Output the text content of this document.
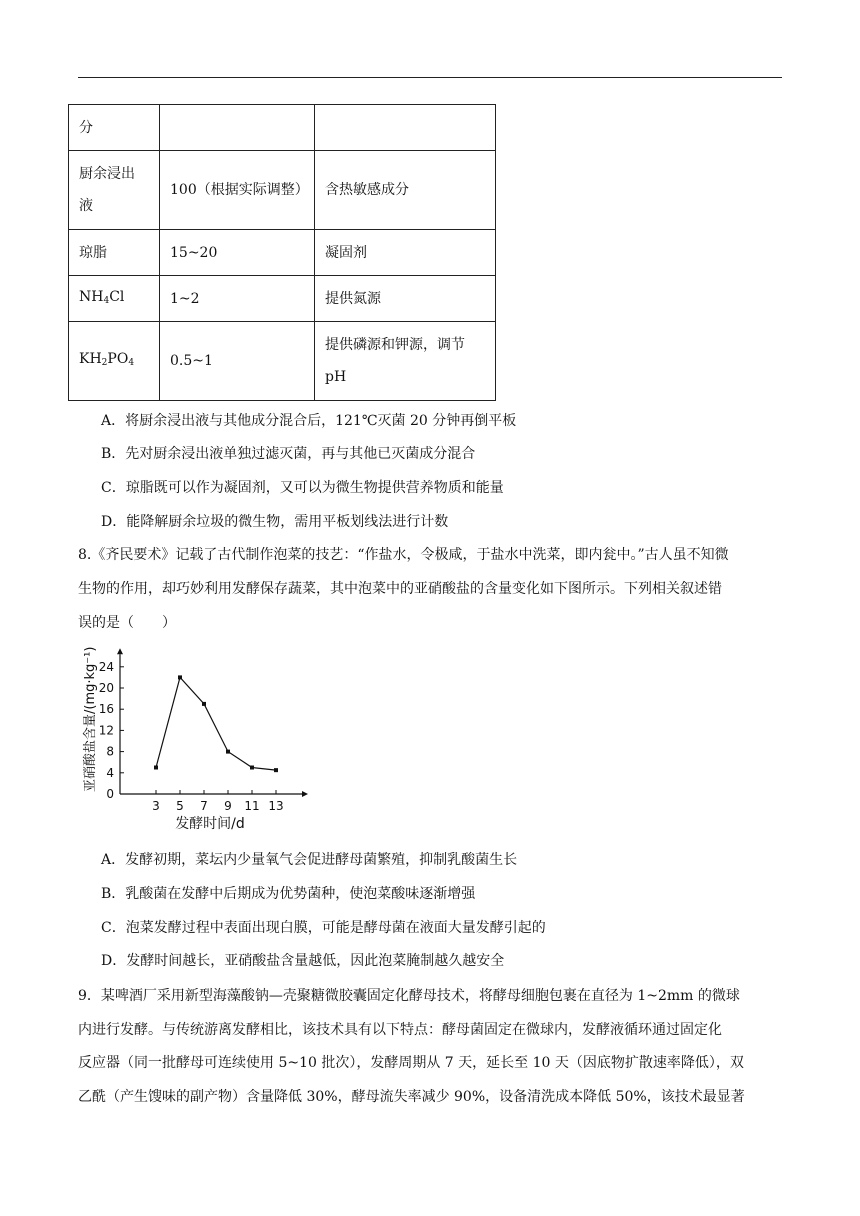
分		
厨余浸出
液	100（根据实际调整）	含热敏感成分
琼脂	15~20	凝固剂
$NH_4Cl$	1~2	提供氮源
$KH_2PO_4$	0.5~1	提供磷源和钾源，调节
pH
A．将厨余浸出液与其他成分混合后，121℃灭菌 20 分钟再倒平板
B．先对厨余浸出液单独过滤灭菌，再与其他已灭菌成分混合
C．琼脂既可以作为凝固剂，又可以为微生物提供营养物质和能量
D．能降解厨余垃圾的微生物，需用平板划线法进行计数
8.《齐民要术》记载了古代制作泡菜的技艺：“作盐水，令极咸，于盐水中洗菜，即内瓮中。”古人虽不知微
生物的作用，却巧妙利用发酵保存蔬菜，其中泡菜中的亚硝酸盐的含量变化如下图所示。下列相关叙述错
误的是（　　）
0
4
8
12
16
20
24
3 5 7 9 11 13
亚硝酸盐含量/(mg·kg⁻¹)
发酵时间/d
A．发酵初期，菜坛内少量氧气会促进酵母菌繁殖，抑制乳酸菌生长
B．乳酸菌在发酵中后期成为优势菌种，使泡菜酸味逐渐增强
C．泡菜发酵过程中表面出现白膜，可能是酵母菌在液面大量发酵引起的
D．发酵时间越长，亚硝酸盐含量越低，因此泡菜腌制越久越安全
9．某啤酒厂采用新型海藻酸钠—壳聚糖微胶囊固定化酵母技术，将酵母细胞包裹在直径为 1~2mm 的微球
内进行发酵。与传统游离发酵相比，该技术具有以下特点：酵母菌固定在微球内，发酵液循环通过固定化
反应器（同一批酵母可连续使用 5~10 批次），发酵周期从 7 天，延长至 10 天（因底物扩散速率降低），双
乙酰（产生馊味的副产物）含量降低 30%，酵母流失率减少 90%，设备清洗成本降低 50%，该技术最显著
